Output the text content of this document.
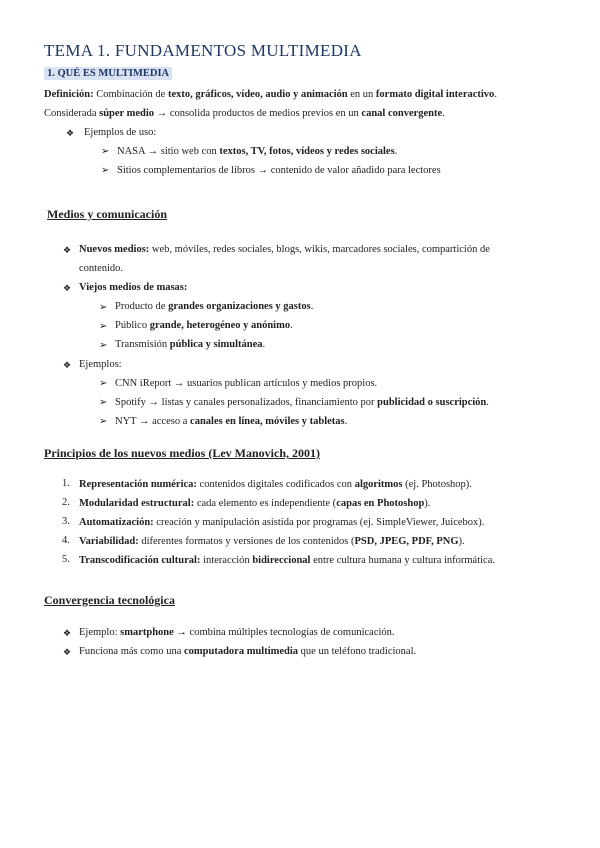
TEMA 1. FUNDAMENTOS MULTIMEDIA
1. QUÉ ES MULTIMEDIA
Definición: Combinación de texto, gráficos, vídeo, audio y animación en un formato digital interactivo.
Considerada súper medio → consolida productos de medios previos en un canal convergente.
❖ Ejemplos de uso:
➢ NASA → sitio web con textos, TV, fotos, vídeos y redes sociales.
➢ Sitios complementarios de libros → contenido de valor añadido para lectores
Medios y comunicación
❖ Nuevos medios: web, móviles, redes sociales, blogs, wikis, marcadores sociales, compartición de
contenido.
❖ Viejos medios de masas:
➢ Producto de grandes organizaciones y gastos.
➢ Público grande, heterogéneo y anónimo.
➢ Transmisión pública y simultánea.
❖ Ejemplos:
➢ CNN iReport → usuarios publican artículos y medios propios.
➢ Spotify → listas y canales personalizados, financiamiento por publicidad o suscripción.
➢ NYT → acceso a canales en línea, móviles y tabletas.
Principios de los nuevos medios (Lev Manovich, 2001)
1. Representación numérica: contenidos digitales codificados con algoritmos (ej. Photoshop).
2. Modularidad estructural: cada elemento es independiente (capas en Photoshop).
3. Automatización: creación y manipulación asistida por programas (ej. SimpleViewer, Juicebox).
4. Variabilidad: diferentes formatos y versiones de los contenidos (PSD, JPEG, PDF, PNG).
5. Transcodificación cultural: interacción bidireccional entre cultura humana y cultura informática.
Convergencia tecnológica
❖ Ejemplo: smartphone → combina múltiples tecnologías de comunicación.
❖ Funciona más como una computadora multimedia que un teléfono tradicional.
